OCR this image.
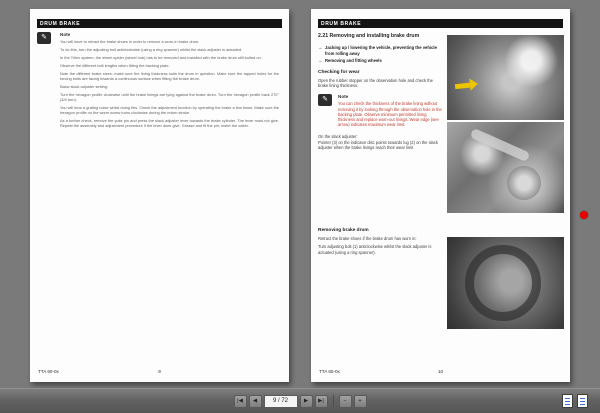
DRUM BRAKE
✎	Note

You will have to retract the brake shoes in order to remove a worn-in brake drum.

To do this, turn the adjusting bolt anticlockwise (using a ring spanner) whilst the slack adjuster is actuated.

In the Trilex system, the wheel spider (wheel hub) has to be removed and installed with the brake drum still bolted on.

Observe the different bolt lengths when fitting the backing plate.

Note the different brake sizes: make sure the lining thickness suits the drum in question. Make sure the tapped holes for the forcing bolts are facing towards a continuous surface when fitting the brake drum.

Basic slack adjuster setting:

Turn the hexagon profile clockwise until the brake linings are lying against the brake drum. Turn the hexagon profile back 270° (3/4 turn).

You will hear a grating noise whilst doing this. Check the adjustment function by operating the brake a few times. Make sure the hexagon profile on the worm screw turns clockwise during the return stroke.

As a further check, remove the yoke pin and press the slack adjuster lever towards the brake cylinder. The lever must not give. Repeat the assembly and adjustment procedure if the lever does give. Grease and fit the pin; insert the cotter.

TTA 60-0x	9
DRUM BRAKE
2.21 Removing and installing brake drum
→ Jacking up / lowering the vehicle, preventing the vehicle from rolling away
→ Removing and fitting wheels
Checking for wear

Open the rubber stopper on the observation hole and check the brake lining thickness.

✎	Note

You can check the thickness of the brake lining without removing it by looking through the observation hole in the backing plate. Observe minimum permitted lining thickness and replace worn-out linings. Wear edge (see arrow) indicates maximum wear limit.

On the slack adjuster:

Pointer (3) on the indicator disc points towards lug (2) on the slack adjuster when the brake linings reach their wear limit

Removing brake drum

Retract the brake shoes if the brake drum has worn in:

Turn adjusting bolt (1) anticlockwise whilst the slack adjuster is actuated (using a ring spanner).

TTA 60-0x	10
|◀	◀	9 / 72	▶	▶|	−	+
